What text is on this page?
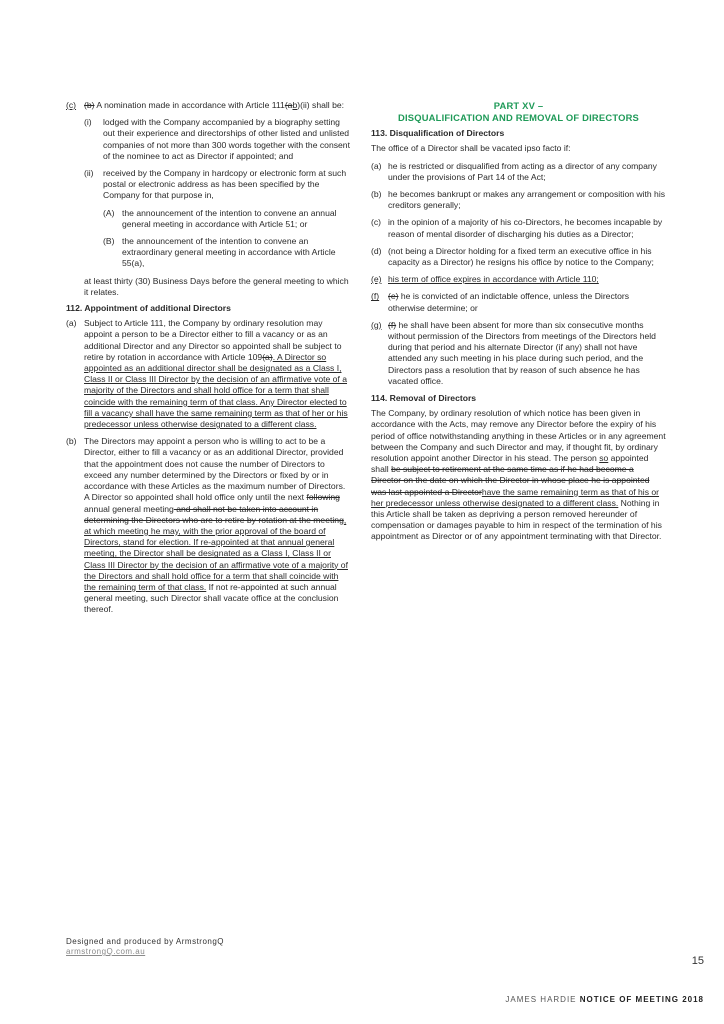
(c) (b) A nomination made in accordance with Article 111(ab)(ii) shall be:
(i)	lodged with the Company accompanied by a biography setting out their experience and directorships of other listed and unlisted companies of not more than 300 words together with the consent of the nominee to act as Director if appointed; and
(ii)	received by the Company in hardcopy or electronic form at such postal or electronic address as has been specified by the Company for that purpose in,
(A) the announcement of the intention to convene an annual general meeting in accordance with Article 51; or
(B) the announcement of the intention to convene an extraordinary general meeting in accordance with Article 55(a),
at least thirty (30) Business Days before the general meeting to which it relates.
112. Appointment of additional Directors
(a) Subject to Article 111, the Company by ordinary resolution may appoint a person to be a Director either to fill a vacancy or as an additional Director and any Director so appointed shall be subject to retire by rotation in accordance with Article 109(a). A Director so appointed as an additional director shall be designated as a Class I, Class II or Class III Director by the decision of an affirmative vote of a majority of the Directors and shall hold office for a term that shall coincide with the remaining term of that class. Any Director elected to fill a vacancy shall have the same remaining term as that of her or his predecessor unless otherwise designated to a different class.
(b) The Directors may appoint a person who is willing to act to be a Director, either to fill a vacancy or as an additional Director, provided that the appointment does not cause the number of Directors to exceed any number determined by the Directors or fixed by or in accordance with these Articles as the maximum number of Directors. A Director so appointed shall hold office only until the next following annual general meeting and shall not be taken into account in determining the Directors who are to retire by rotation at the meeting, at which meeting he may, with the prior approval of the board of Directors, stand for election. If re-appointed at that annual general meeting, the Director shall be designated as a Class I, Class II or Class III Director by the decision of an affirmative vote of a majority of the Directors and shall hold office for a term that shall coincide with the remaining term of that class. If not re-appointed at such annual general meeting, such Director shall vacate office at the conclusion thereof.
PART XV –
DISQUALIFICATION AND REMOVAL OF DIRECTORS
113. Disqualification of Directors
The office of a Director shall be vacated ipso facto if:
(a) he is restricted or disqualified from acting as a director of any company under the provisions of Part 14 of the Act;
(b) he becomes bankrupt or makes any arrangement or composition with his creditors generally;
(c) in the opinion of a majority of his co-Directors, he becomes incapable by reason of mental disorder of discharging his duties as a Director;
(d) (not being a Director holding for a fixed term an executive office in his capacity as a Director) he resigns his office by notice to the Company;
(e) his term of office expires in accordance with Article 110;
(f)	(e) he is convicted of an indictable offence, unless the Directors otherwise determine; or
(g) (f) he shall have been absent for more than six consecutive months without permission of the Directors from meetings of the Directors held during that period and his alternate Director (if any) shall not have attended any such meeting in his place during such period, and the Directors pass a resolution that by reason of such absence he has vacated office.
114. Removal of Directors
The Company, by ordinary resolution of which notice has been given in accordance with the Acts, may remove any Director before the expiry of his period of office notwithstanding anything in these Articles or in any agreement between the Company and such Director and may, if thought fit, by ordinary resolution appoint another Director in his stead. The person so appointed shall be subject to retirement at the same time as if he had become a Director on the date on which the Director in whose place he is appointed was last appointed a Directorhave the same remaining term as that of his or her predecessor unless otherwise designated to a different class. Nothing in this Article shall be taken as depriving a person removed hereunder of compensation or damages payable to him in respect of the termination of his appointment as Director or of any appointment terminating with that Director.
Designed and produced by ArmstrongQ
armstrongQ.com.au
15
JAMES HARDIE NOTICE OF MEETING 2018
